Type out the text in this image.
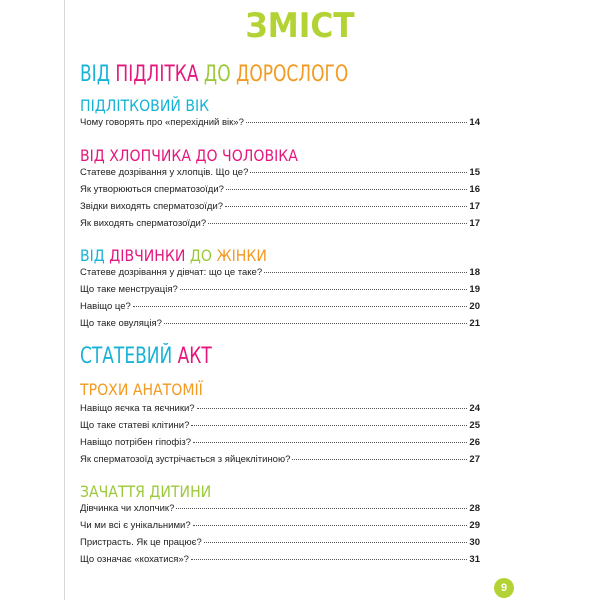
ЗМІСТ
ВІД ПІДЛІТКА ДО ДОРОСЛОГО
ПІДЛІТКОВИЙ ВІК
Чому говорять про «перехідний вік»?	14
ВІД ХЛОПЧИКА ДО ЧОЛОВІКА
Статеве дозрівання у хлопців. Що це?	15
Як утворюються сперматозоїди?	16
Звідки виходять сперматозоїди?	17
Як виходять сперматозоїди?	17
ВІД ДІВЧИНКИ ДО ЖІНКИ
Статеве дозрівання у дівчат: що це таке?	18
Що таке менструація?	19
Навіщо це?	20
Що таке овуляція?	21
СТАТЕВИЙ АКТ
ТРОХИ АНАТОМІЇ
Навіщо яєчка та яєчники?	24
Що таке статеві клітини?	25
Навіщо потрібен гіпофіз?	26
Як сперматозоїд зустрічається з яйцеклітиною?	27
ЗАЧАТТЯ ДИТИНИ
Дівчинка чи хлопчик?	28
Чи ми всі є унікальними?	29
Пристрасть. Як це працює?	30
Що означає «кохатися»?	31
9
